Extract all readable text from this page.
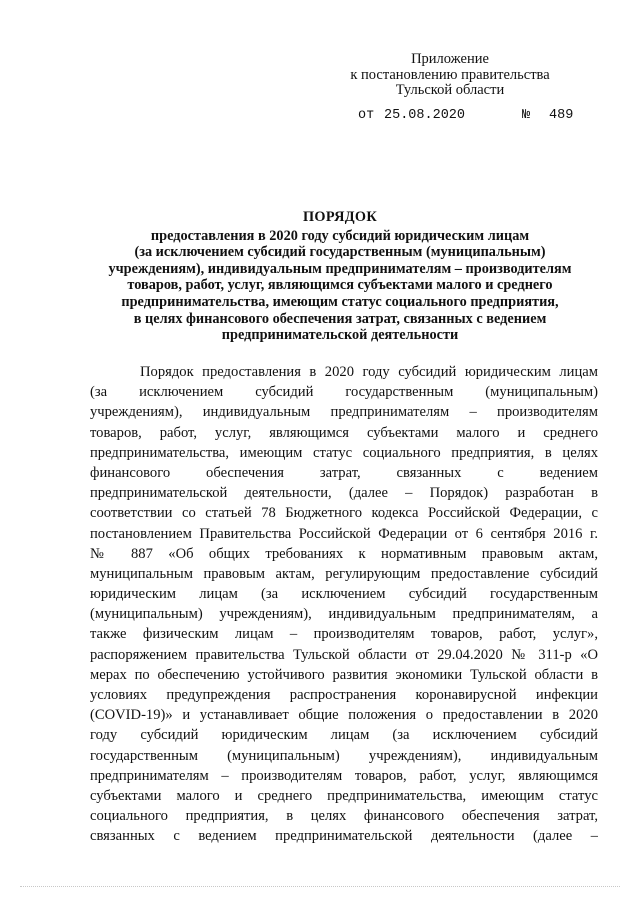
Приложение
к постановлению правительства
Тульской области
от 25.08.2020	№ 489
ПОРЯДОК
предоставления в 2020 году субсидий юридическим лицам
(за исключением субсидий государственным (муниципальным)
учреждениям), индивидуальным предпринимателям – производителям
товаров, работ, услуг, являющимся субъектами малого и среднего
предпринимательства, имеющим статус социального предприятия,
в целях финансового обеспечения затрат, связанных с ведением
предпринимательской деятельности
Порядок предоставления в 2020 году субсидий юридическим лицам
(за исключением субсидий государственным (муниципальным)
учреждениям), индивидуальным предпринимателям – производителям
товаров, работ, услуг, являющимся субъектами малого и среднего
предпринимательства, имеющим статус социального предприятия, в целях
финансового обеспечения затрат, связанных с ведением
предпринимательской деятельности, (далее – Порядок) разработан в
соответствии со статьей 78 Бюджетного кодекса Российской Федерации, с
постановлением Правительства Российской Федерации от 6 сентября 2016 г.
№ 887 «Об общих требованиях к нормативным правовым актам,
муниципальным правовым актам, регулирующим предоставление субсидий
юридическим лицам (за исключением субсидий государственным
(муниципальным) учреждениям), индивидуальным предпринимателям, а
также физическим лицам – производителям товаров, работ, услуг»,
распоряжением правительства Тульской области от 29.04.2020 № 311-р «О
мерах по обеспечению устойчивого развития экономики Тульской области в
условиях предупреждения распространения коронавирусной инфекции
(COVID-19)» и устанавливает общие положения о предоставлении в 2020
году субсидий юридическим лицам (за исключением субсидий
государственным (муниципальным) учреждениям), индивидуальным
предпринимателям – производителям товаров, работ, услуг, являющимся
субъектами малого и среднего предпринимательства, имеющим статус
социального предприятия, в целях финансового обеспечения затрат,
связанных с ведением предпринимательской деятельности (далее –
